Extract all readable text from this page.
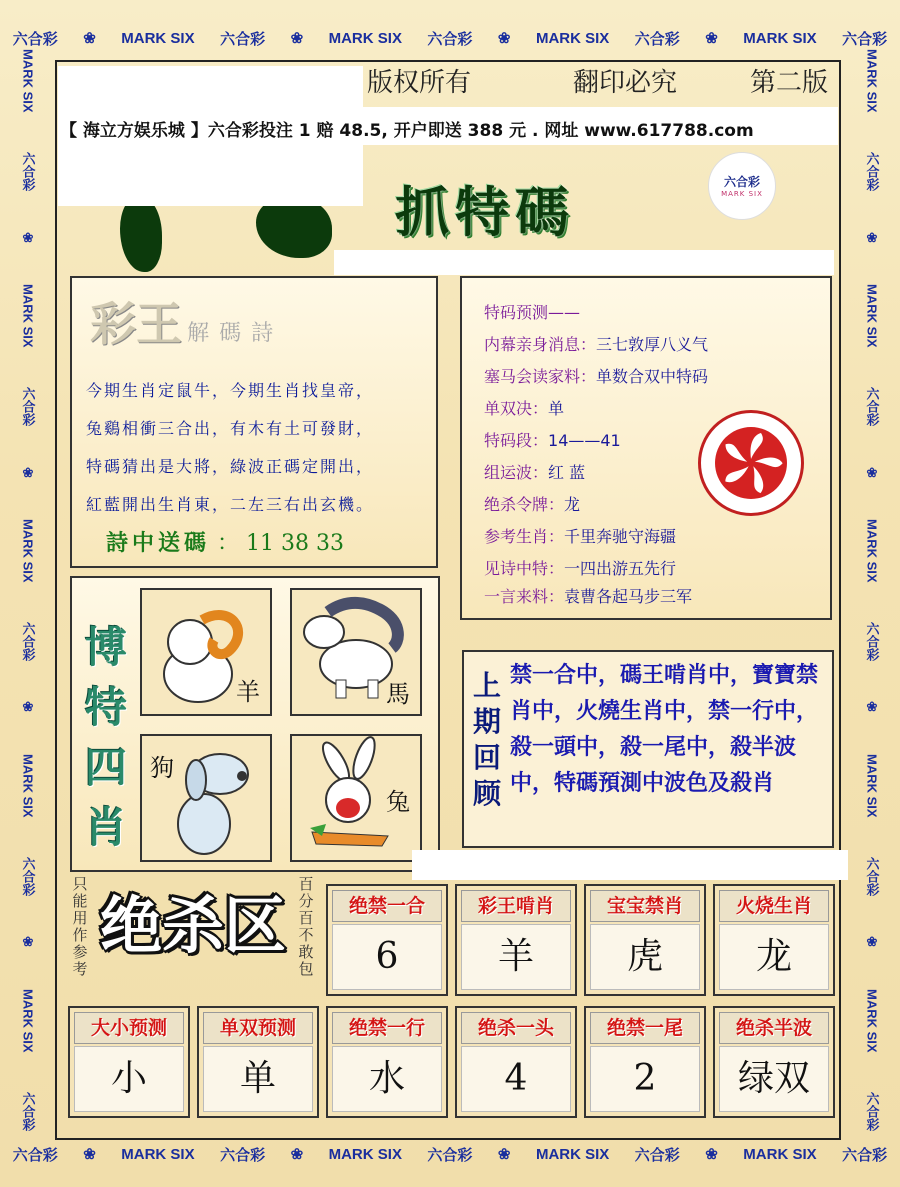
六合彩 ❀ MARK SIX 六合彩 ❀ MARK SIX 六合彩 ❀ MARK SIX 六合彩 ❀ MARK SIX 六合彩
六合彩 ❀ MARK SIX 六合彩 ❀ MARK SIX 六合彩 ❀ MARK SIX 六合彩 ❀ MARK SIX 六合彩
MARK SIX
六合彩
❀
MARK SIX
六合彩
❀
MARK SIX
六合彩
❀
MARK SIX
六合彩
❀
MARK SIX
六合彩
MARK SIX
六合彩
❀
MARK SIX
六合彩
❀
MARK SIX
六合彩
❀
MARK SIX
六合彩
❀
MARK SIX
六合彩
版权所有	翻印必究	第二版
【 海立方娱乐城 】六合彩投注 1 赔 48.5, 开户即送 388 元 . 网址 www.617788.com
抓特碼	六合彩
MARK SIX
彩王 解碼詩
今期生肖定鼠牛，今期生肖找皇帝，
兔鷄相衝三合出，有木有土可發財，
特碼猜出是大將，綠波正碼定開出，
紅藍開出生肖東，二左三右出玄機。
詩中送碼 ： 11 38 33
特码预测——
内幕亲身消息：三七敦厚八义气
塞马会读家料：单数合双中特码
单双决：单
特码段：14——41
组运波：红 蓝
绝杀令牌：龙
参考生肖：千里奔驰守海疆
见诗中特：一四出游五先行
一言来料：袁曹各起马步三军
博特四肖
羊	馬
狗
兔
上期回顾
禁一合中，碼王啃肖中，寶寶禁肖中，火燒生肖中，禁一行中，殺一頭中，殺一尾中，殺半波中，特碼預測中波色及殺肖
只能用作参考
绝杀区
百分百不敢包
绝禁一合
6
彩王啃肖
羊
宝宝禁肖
虎
火烧生肖
龙
大小预测
小
单双预测
单
绝禁一行
水
绝杀一头
4
绝禁一尾
2
绝杀半波
绿双
